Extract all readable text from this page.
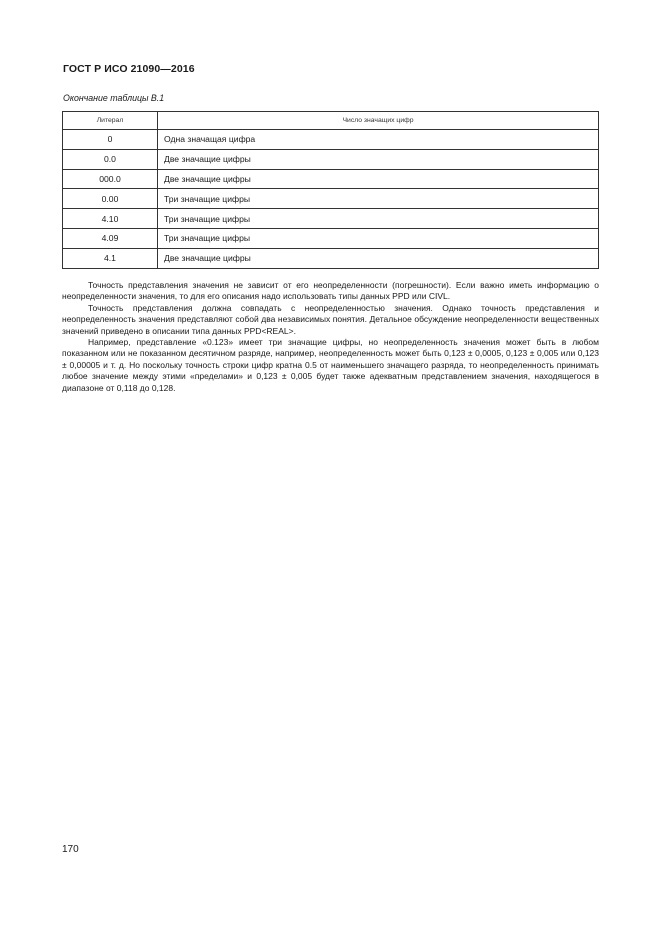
ГОСТ Р ИСО 21090—2016
Окончание таблицы B.1
Литерал	Число значащих цифр
0	Одна значащая цифра
0.0	Две значащие цифры
000.0	Две значащие цифры
0.00	Три значащие цифры
4.10	Три значащие цифры
4.09	Три значащие цифры
4.1	Две значащие цифры

Точность представления значения не зависит от его неопределенности (погрешности). Если важно иметь информацию о неопределенности значения, то для его описания надо использовать типы данных PPD или CIVL.

Точность представления должна совпадать с неопределенностью значения. Однако точность представления и неопределенность значения представляют собой два независимых понятия. Детальное обсуждение неопределенности вещественных значений приведено в описании типа данных PPD<REAL>.

Например, представление «0.123» имеет три значащие цифры, но неопределенность значения может быть в любом показанном или не показанном десятичном разряде, например, неопределенность может быть 0,123 ± 0,0005, 0,123 ± 0,005 или 0,123 ± 0,00005 и т. д. Но поскольку точность строки цифр кратна 0.5 от наименьшего значащего разряда, то неопределенность принимать любое значение между этими «пределами» и 0,123 ± 0,005 будет также адекватным представлением значения, находящегося в диапазоне от 0,118 до 0,128.

170
